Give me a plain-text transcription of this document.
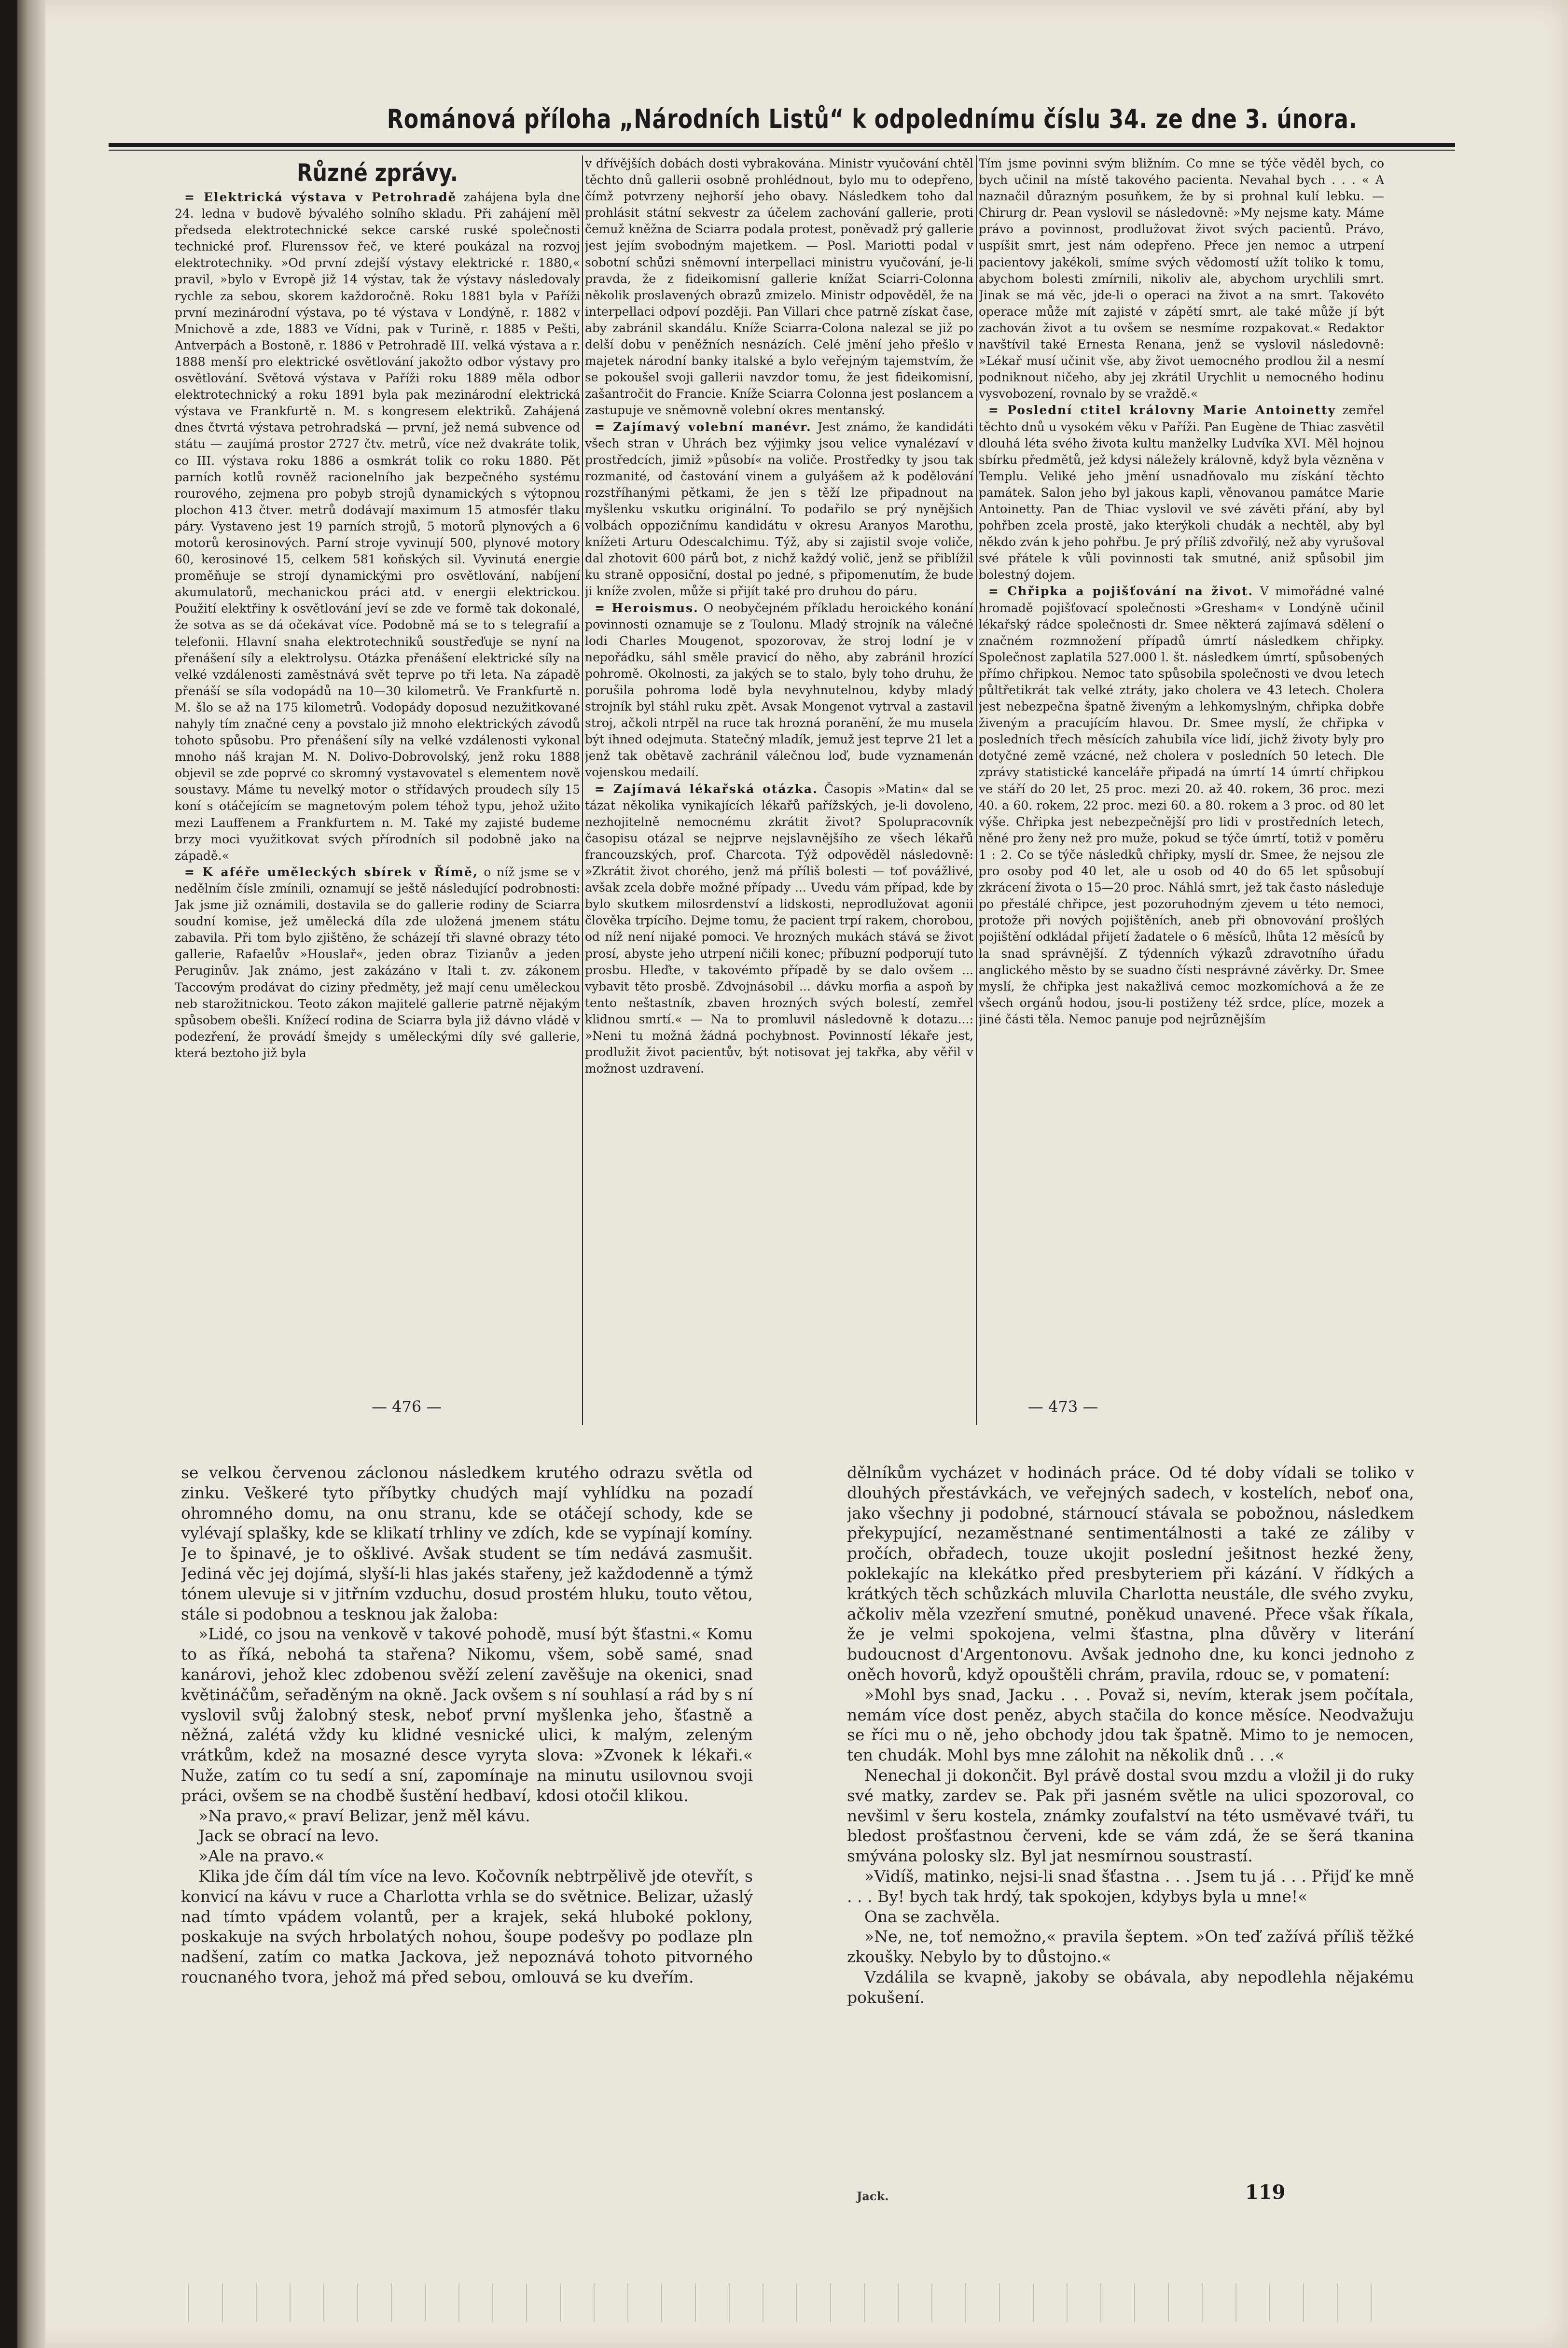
Románová příloha „Národních Listů“ k odpolednímu číslu 34. ze dne 3. února.
Různé zprávy.

= Elektrická výstava v Petrohradě zahájena byla dne 24. ledna v budově bývalého solního skladu. Při zahájení měl předseda elektrotechnické sekce carské ruské společnosti technické prof. Flurenssov řeč, ve které poukázal na rozvoj elektrotechniky. »Od první zdejší výstavy elektrické r. 1880,« pravil, »bylo v Evropě již 14 výstav, tak že výstavy následovaly rychle za sebou, skorem každoročně. Roku 1881 byla v Paříži první mezinárodní výstava, po té výstava v Londýně, r. 1882 v Mnichově a zde, 1883 ve Vídni, pak v Turině, r. 1885 v Pešti, Antverpách a Bostoně, r. 1886 v Petrohradě III. velká výstava a r. 1888 menší pro elektrické osvětlování jakožto odbor výstavy pro osvětlování. Světová výstava v Paříži roku 1889 měla odbor elektrotechnický a roku 1891 byla pak mezinárodní elektrická výstava ve Frankfurtě n. M. s kongresem elektriků. Zahájená dnes čtvrtá výstava petrohradská — první, jež nemá subvence od státu — zaujímá prostor 2727 čtv. metrů, více než dvakráte tolik, co III. výstava roku 1886 a osmkrát tolik co roku 1880. Pět parních kotlů rovněž racionelního jak bezpečného systému rourového, zejmena pro pobyb strojů dynamických s výtopnou plochon 413 čtver. metrů dodávají maximum 15 atmosfér tlaku páry. Vystaveno jest 19 parních strojů, 5 motorů plynových a 6 motorů kerosinových. Parní stroje vyvinují 500, plynové motory 60, kerosinové 15, celkem 581 koňských sil. Vyvinutá energie proměňuje se strojí dynamickými pro osvětlování, nabíjení akumulatorů, mechanickou práci atd. v energii elektrickou. Použití elektřiny k osvětlování jeví se zde ve formě tak dokonalé, že sotva as se dá očekávat více. Podobně má se to s telegrafií a telefonii. Hlavní snaha elektrotechniků soustřeďuje se nyní na přenášení síly a elektrolysu. Otázka přenášení elektrické síly na velké vzdálenosti zaměstnává svět teprve po tři leta. Na západě přenáší se síla vodopádů na 10—30 kilometrů. Ve Frankfurtě n. M. šlo se až na 175 kilometrů. Vodopády doposud nezužitkované nahyly tím značné ceny a povstalo již mnoho elektrických závodů tohoto spůsobu. Pro přenášení síly na velké vzdálenosti vykonal mnoho náš krajan M. N. Dolivo-Dobrovolský, jenž roku 1888 objevil se zde poprvé co skromný vystavovatel s elementem nově soustavy. Máme tu nevelký motor o střídavých proudech síly 15 koní s otáčejícím se magnetovým polem téhož typu, jehož užito mezi Lauffenem a Frankfurtem n. M. Také my zajisté budeme brzy moci využitkovat svých přírodních sil podobně jako na západě.«

= K aféře uměleckých sbírek v Římě, o níž jsme se v nedělním čísle zmínili, oznamují se ještě následující podrobnosti: Jak jsme již oznámili, dostavila se do gallerie rodiny de Sciarra soudní komise, jež umělecká díla zde uložená jmenem státu zabavila. Při tom bylo zjištěno, že scházejí tři slavné obrazy této gallerie, Rafaelův »Houslař«, jeden obraz Tizianův a jeden Peruginův. Jak známo, jest zakázáno v Itali t. zv. zákonem Taccovým prodávat do ciziny předměty, jež mají cenu uměleckou neb starožitnickou. Teoto zákon majitelé gallerie patrně nějakým spůsobem obešli. Knížecí rodina de Sciarra byla již dávno vládě v podezření, že provádí šmejdy s uměleckými díly své gallerie, která beztoho již byla

v dřívějších dobách dosti vybrakována. Ministr vyučování chtěl těchto dnů gallerii osobně prohlédnout, bylo mu to odepřeno, čímž potvrzeny nejhorší jeho obavy. Následkem toho dal prohlásit státní sekvestr za účelem zachování gallerie, proti čemuž kněžna de Sciarra podala protest, poněvadž prý gallerie jest jejím svobodným majetkem. — Posl. Mariotti podal v sobotní schůzi sněmovní interpellaci ministru vyučování, je-li pravda, že z fideikomisní gallerie knížat Sciarri-Colonna několik proslavených obrazů zmizelo. Ministr odpověděl, že na interpellaci odpoví později. Pan Villari chce patrně získat čase, aby zabránil skandálu. Kníže Sciarra-Colona nalezal se již po delší dobu v peněžních nesnázích. Celé jmění jeho přešlo v majetek národní banky italské a bylo veřejným tajemstvím, že se pokoušel svoji gallerii navzdor tomu, že jest fideikomisní, zašantročit do Francie. Kníže Sciarra Colonna jest poslancem a zastupuje ve sněmovně volební okres mentanský.

= Zajímavý volební manévr. Jest známo, že kandidáti všech stran v Uhrách bez výjimky jsou velice vynalézaví v prostředcích, jimiž »působí« na voliče. Prostředky ty jsou tak rozmanité, od častování vinem a gulyášem až k podělování rozstříhanými pětkami, že jen s těží lze připadnout na myšlenku vskutku originální. To podařilo se prý nynějšich volbách oppozičnímu kandidátu v okresu Aranyos Marothu, knížeti Arturu Odescalchimu. Týž, aby si zajistil svoje voliče, dal zhotovit 600 párů bot, z nichž každý volič, jenž se přiblížil ku straně opposiční, dostal po jedné, s připomenutím, že bude ji kníže zvolen, může si přijít také pro druhou do páru.

= Heroismus. O neobyčejném příkladu heroického konání povinnosti oznamuje se z Toulonu. Mladý strojník na válečné lodi Charles Mougenot, spozorovav, že stroj lodní je v nepořádku, sáhl směle pravicí do něho, aby zabránil hrozící pohromě. Okolnosti, za jakých se to stalo, byly toho druhu, že porušila pohroma lodě byla nevyhnutelnou, kdyby mladý strojník byl stáhl ruku zpět. Avsak Mongenot vytrval a zastavil stroj, ačkoli ntrpěl na ruce tak hrozná poranění, že mu musela být ihned odejmuta. Statečný mladík, jemuž jest teprve 21 let a jenž tak obětavě zachránil válečnou loď, bude vyznamenán vojenskou medailí.

= Zajímavá lékařská otázka. Časopis »Matin« dal se tázat několika vynikajících lékařů pařížských, je-li dovoleno, nezhojitelně nemocnému zkrátit život? Spolupracovník časopisu otázal se nejprve nejslavnějšího ze všech lékařů francouzských, prof. Charcota. Týž odpověděl následovně: »Zkrátit život chorého, jenž má příliš bolesti — toť povážlivé, avšak zcela dobře možné případy ... Uvedu vám případ, kde by bylo skutkem milosrdenství a lidskosti, neprodlužovat agonii člověka trpícího. Dejme tomu, že pacient trpí rakem, chorobou, od níž není nijaké pomoci. Ve hrozných mukách stává se život prosí, abyste jeho utrpení ničili konec; příbuzní podporují tuto prosbu. Hleďte, v takovémto případě by se dalo ovšem ... vybavit těto prosbě. Zdvojnásobil ... dávku morfia a aspoň by tento neštastník, zbaven hrozných svých bolestí, zemřel klidnou smrtí.« — Na to promluvil následovně k dotazu...: »Neni tu možná žádná pochybnost. Povinností lékaře jest, prodlužit život pacientův, být notisovat jej takřka, aby věřil v možnost uzdravení.

Tím jsme povinni svým bližním. Co mne se týče věděl bych, co bych učinil na místě takového pacienta. Nevahal bych . . . « A naznačil důrazným posuňkem, že by si prohnal kulí lebku. — Chirurg dr. Pean vyslovil se následovně: »My nejsme katy. Máme právo a povinnost, prodlužovat život svých pacientů. Právo, uspíšit smrt, jest nám odepřeno. Přece jen nemoc a utrpení pacientovy jakékoli, smíme svých vědomostí užít tolikо k tomu, abychom bolesti zmírnili, nikoliv ale, abychom urychlili smrt. Jinak se má věc, jde-li o operaci na život a na smrt. Takovéto operace může mít zajisté v zápětí smrt, ale také může jí být zachován život a tu ovšem se nesmíme rozpakovat.« Redaktor navštívil také Ernesta Renana, jenž se vyslovil následovně: »Lékař musí učinit vše, aby život uemocného prodlou žil a nesmí podniknout ničeho, aby jej zkrátil Urychlit u nemocného hodinu vysvobození, rovnalo by se vraždě.«

= Poslední ctitel královny Marie Antoinetty zemřel těchto dnů u vysokém věku v Paříži. Pan Eugène de Thiac zasvětil dlouhá léta svého života kultu manželky Ludvíka XVI. Měl hojnou sbírku předmětů, jež kdysi náležely královně, když byla vězněna v Templu. Veliké jeho jmění usnadňovalo mu získání těchto památek. Salon jeho byl jakous kapli, věnovanou památce Marie Antoinetty. Pan de Thiac vyslovil ve své závěti přání, aby byl pohřben zcela prostě, jako kterýkoli chudák a nechtěl, aby byl někdo zván k jeho pohřbu. Je prý příliš zdvořilý, než aby vyrušoval své přátele k vůli povinnosti tak smutné, aniž spůsobil jim bolestný dojem.

= Chřipka a pojišťování na život. V mimořádné valné hromadě pojišťovací společnosti »Gresham« v Londýně učinil lékařský rádce společnosti dr. Smee některá zajímavá sdělení o značném rozmnožení případů úmrtí následkem chřipky. Společnost zaplatila 527.000 l. št. následkem úmrtí, spůsobených přímo chřipkou. Nemoc tato spůsobila společnosti ve dvou letech půltřetikrát tak velké ztráty, jako cholera ve 43 letech. Cholera jest nebezpečna špatně živeným a lehkomyslným, chřipka dobře živeným a pracujícím hlavou. Dr. Smee myslí, že chřipka v posledních třech měsících zahubila více lidí, jichž životy byly pro dotyčné země vzácné, než cholera v posledních 50 letech. Dle zprávy statistické kanceláře připadá na úmrtí 14 úmrtí chřipkou ve stáří do 20 let, 25 proc. mezi 20. až 40. rokem, 36 proc. mezi 40. a 60. rokem, 22 proc. mezi 60. a 80. rokem a 3 proc. od 80 let výše. Chřipka jest nebezpečnější pro lidi v prostředních letech, něné pro ženy než pro muže, pokud se týče úmrtí, totiž v poměru 1 : 2. Co se týče následků chřipky, myslí dr. Smee, že nejsou zle pro osoby pod 40 let, ale u osob od 40 do 65 let spůsobují zkrácení života o 15—20 proc. Náhlá smrt, jež tak často následuje po přestálé chřipce, jest pozoruhodným zjevem u této nemoci, protože při nových pojištěních, aneb při obnovování prošlých pojištění odkládal přijetí žadatele o 6 měsíců, lhůta 12 měsíců by la snad správnější. Z týdenních výkazů zdravotního úřadu anglického město by se suadno čísti nesprávné závěrky. Dr. Smee myslí, že chřipka jest nakažlivá cemoc mozkomíchová a že ze všech orgánů hodou, jsou-li postiženy též srdce, plíce, mozek a jiné části těla. Nemoc panuje pod nejrůznějším

— 476 —	— 473 —

se velkou červenou záclonou následkem krutého odrazu světla od zinku. Veškeré tyto příbytky chudých mají vyhlídku na pozadí ohromného domu, na onu stranu, kde se otáčejí schody, kde se vylévají splašky, kde se klikatí trhliny ve zdích, kde se vypínají komíny. Je to špinavé, je to ošklivé. Avšak student se tím nedává zasmušit. Jediná věc jej dojímá, slyší-li hlas jakés stařeny, jež každodenně a týmž tónem ulevuje si v jitřním vzduchu, dosud prostém hluku, touto větou, stále si podobnou a tesknou jak žaloba:

»Lidé, co jsou na venkově v takové pohodě, musí být šťastni.« Komu to as říká, nebohá ta stařena? Nikomu, všem, sobě samé, snad kanárovi, jehož klec zdobenou svěží zelení zavěšuje na okenici, snad květináčům, seřaděným na okně. Jack ovšem s ní souhlasí a rád by s ní vyslovil svůj žalobný stesk, neboť první myšlenka jeho, šťastně a něžná, zalétá vždy ku klidné vesnické ulici, k malým, zeleným vrátkům, kdež na mosazné desce vyryta slova: »Zvonek k lékaři.« Nuže, zatím co tu sedí a sní, zapomínaje na minutu usilovnou svoji práci, ovšem se na chodbě šustění hedbaví, kdosi otočil klikou.

»Na pravo,« praví Belizar, jenž měl kávu.

Jack se obrací na levo.

»Ale na pravo.«

Klika jde čím dál tím více na levo. Kočovník nebtrpělivě jde otevřít, s konvicí na kávu v ruce a Charlotta vrhla se do světnice. Belizar, užaslý nad tímto vpádem volantů, per a krajek, seká hluboké poklony, poskakuje na svých hrbolatých nohou, šoupe podešvy po podlaze pln nadšení, zatím co matka Jackova, jež nepoznává tohoto pitvorného roucnaného tvora, jehož má před sebou, omlouvá se ku dveřím.

dělníkům vycházet v hodinách práce. Od té doby vídali se toliko v dlouhých přestávkách, ve veřejných sadech, v kostelích, neboť ona, jako všechny ji podobné, stárnoucí stávala se pobožnou, následkem překypující, nezaměstnané sentimentálnosti a také ze záliby v pročích, obřadech, touze ukojit poslední ješitnost hezké ženy, poklekajíc na klekátko před presbyteriem při kázání. V řídkých a krátkých těch schůzkách mluvila Charlotta neustále, dle svého zvyku, ačkoliv měla vzezření smutné, poněkud unavené. Přece však říkala, že je velmi spokojena, velmi šťastna, plna důvěry v literání budoucnost d'Argentonovu. Avšak jednoho dne, ku konci jednoho z oněch hovorů, když opouštěli chrám, pravila, rdouc se, v pomatení:

»Mohl bys snad, Jacku . . . Považ si, nevím, kterak jsem počítala, nemám více dost peněz, abych stačila do konce měsíce. Neodvažuju se říci mu o ně, jeho obchody jdou tak špatně. Mimo to je nemocen, ten chudák. Mohl bys mne zálohit na několik dnů . . .«

Nenechal ji dokončit. Byl právě dostal svou mzdu a vložil ji do ruky své matky, zardev se. Pak při jasném světle na ulici spozoroval, co nevšiml v šeru kostela, známky zoufalství na této usměvavé tváři, tu bledost prošťastnou červeni, kde se vám zdá, že se šerá tkanina smývána polosky slz. Byl jat nesmírnou soustrastí.

»Vidíš, matinko, nejsi-li snad šťastna . . . Jsem tu já . . . Přijď ke mně . . . By! bych tak hrdý, tak spokojen, kdybys byla u mne!«

Ona se zachvěla.

»Ne, ne, toť nemožno,« pravila šeptem. »On teď zažívá příliš těžké zkoušky. Nebylo by to důstojno.«

Vzdálila se kvapně, jakoby se obávala, aby nepodlehla nějakému pokušení.

Jack.	119
